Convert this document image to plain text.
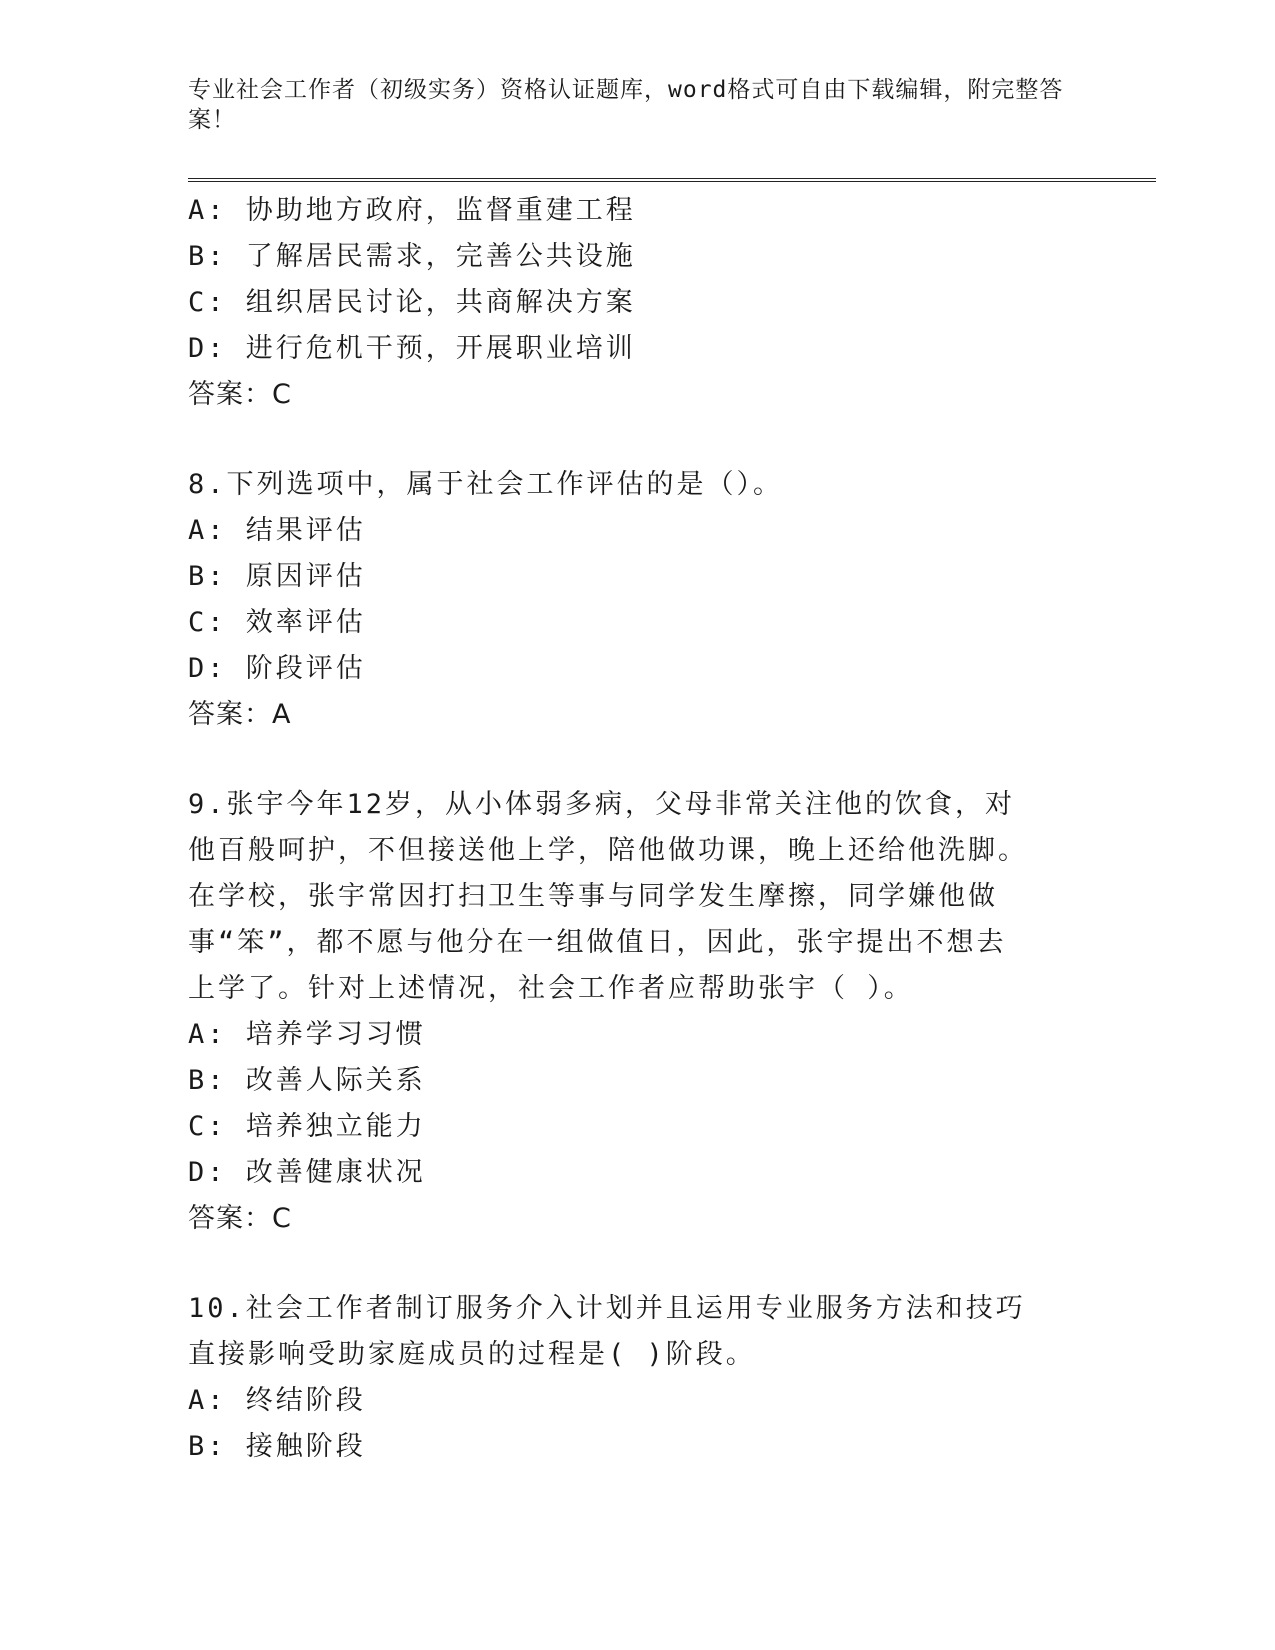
专业社会工作者（初级实务）资格认证题库，word格式可自由下载编辑，附完整答案！
A: 协助地方政府，监督重建工程
B: 了解居民需求，完善公共设施
C: 组织居民讨论，共商解决方案
D: 进行危机干预，开展职业培训
答案：C
8.下列选项中，属于社会工作评估的是（）。
A: 结果评估
B: 原因评估
C: 效率评估
D: 阶段评估
答案：A
9.张宇今年12岁，从小体弱多病，父母非常关注他的饮食，对他百般呵护，不但接送他上学，陪他做功课，晚上还给他洗脚。在学校，张宇常因打扫卫生等事与同学发生摩擦，同学嫌他做事“笨”，都不愿与他分在一组做值日，因此，张宇提出不想去上学了。针对上述情况，社会工作者应帮助张宇（ ）。
A: 培养学习习惯
B: 改善人际关系
C: 培养独立能力
D: 改善健康状况
答案：C
10.社会工作者制订服务介入计划并且运用专业服务方法和技巧直接影响受助家庭成员的过程是( )阶段。
A: 终结阶段
B: 接触阶段
